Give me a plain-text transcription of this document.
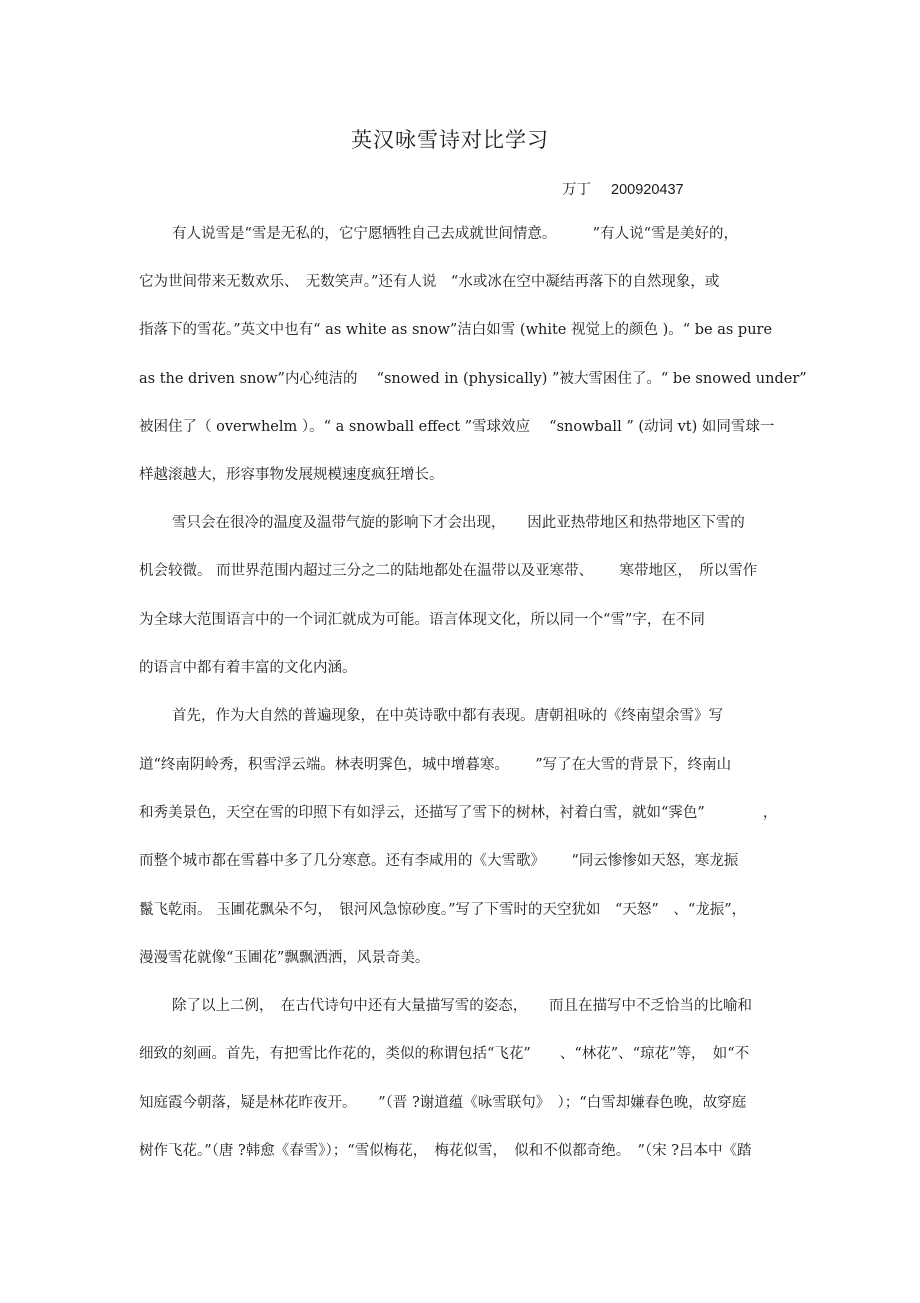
英汉咏雪诗对比学习
万丁 200920437
有人说雪是“雪是无私的，它宁愿牺牲自己去成就世间情意。　　　”有人说“雪是美好的，
它为世间带来无数欢乐、　无数笑声。”还有人说　“水或冰在空中凝结再落下的自然现象，或
指落下的雪花。”英文中也有“ as white as snow”洁白如雪 (white 视觉上的颜色 )。“ be as pure
as the driven snow”内心纯洁的　 “snowed in (physically) ”被大雪困住了。“ be snowed under”
被困住了（ overwhelm ）。“ a snowball effect ”雪球效应　 “snowball ” (动词 vt) 如同雪球一
样越滚越大，形容事物发展规模速度疯狂增长。
雪只会在很冷的温度及温带气旋的影响下才会出现，　　因此亚热带地区和热带地区下雪的
机会较微。 而世界范围内超过三分之二的陆地都处在温带以及亚寒带、　　 寒带地区，　所以雪作
为全球大范围语言中的一个词汇就成为可能。语言体现文化，所以同一个“雪”字，在不同
的语言中都有着丰富的文化内涵。
首先，作为大自然的普遍现象，在中英诗歌中都有表现。唐朝祖咏的《终南望余雪》写
道“终南阴岭秀，积雪浮云端。林表明霁色，城中增暮寒。　　 ”写了在大雪的背景下，终南山
和秀美景色，天空在雪的印照下有如浮云，还描写了雪下的树林，衬着白雪，就如“霁色”　　　　，
而整个城市都在雪暮中多了几分寒意。还有李咸用的《大雪歌》　　 “同云惨惨如天怒，寒龙振
鬣飞乾雨。 玉圃花飘朵不匀，　银河风急惊砂度。”写了下雪时的天空犹如　“天怒”　、“龙振”，
漫漫雪花就像“玉圃花”飘飘洒洒，风景奇美。
除了以上二例，　在古代诗句中还有大量描写雪的姿态，　　而且在描写中不乏恰当的比喻和
细致的刻画。首先，有把雪比作花的，类似的称谓包括“飞花”　　、“林花”、“琼花”等，　如“不
知庭霞今朝落，疑是林花昨夜开。　　”（晋 ?谢道蕴《咏雪联句》　）；“白雪却嫌春色晚，故穿庭
树作飞花。”（唐 ?韩愈《春雪》）；“雪似梅花，　梅花似雪，　似和不似都奇绝。　”（宋 ?吕本中《踏
